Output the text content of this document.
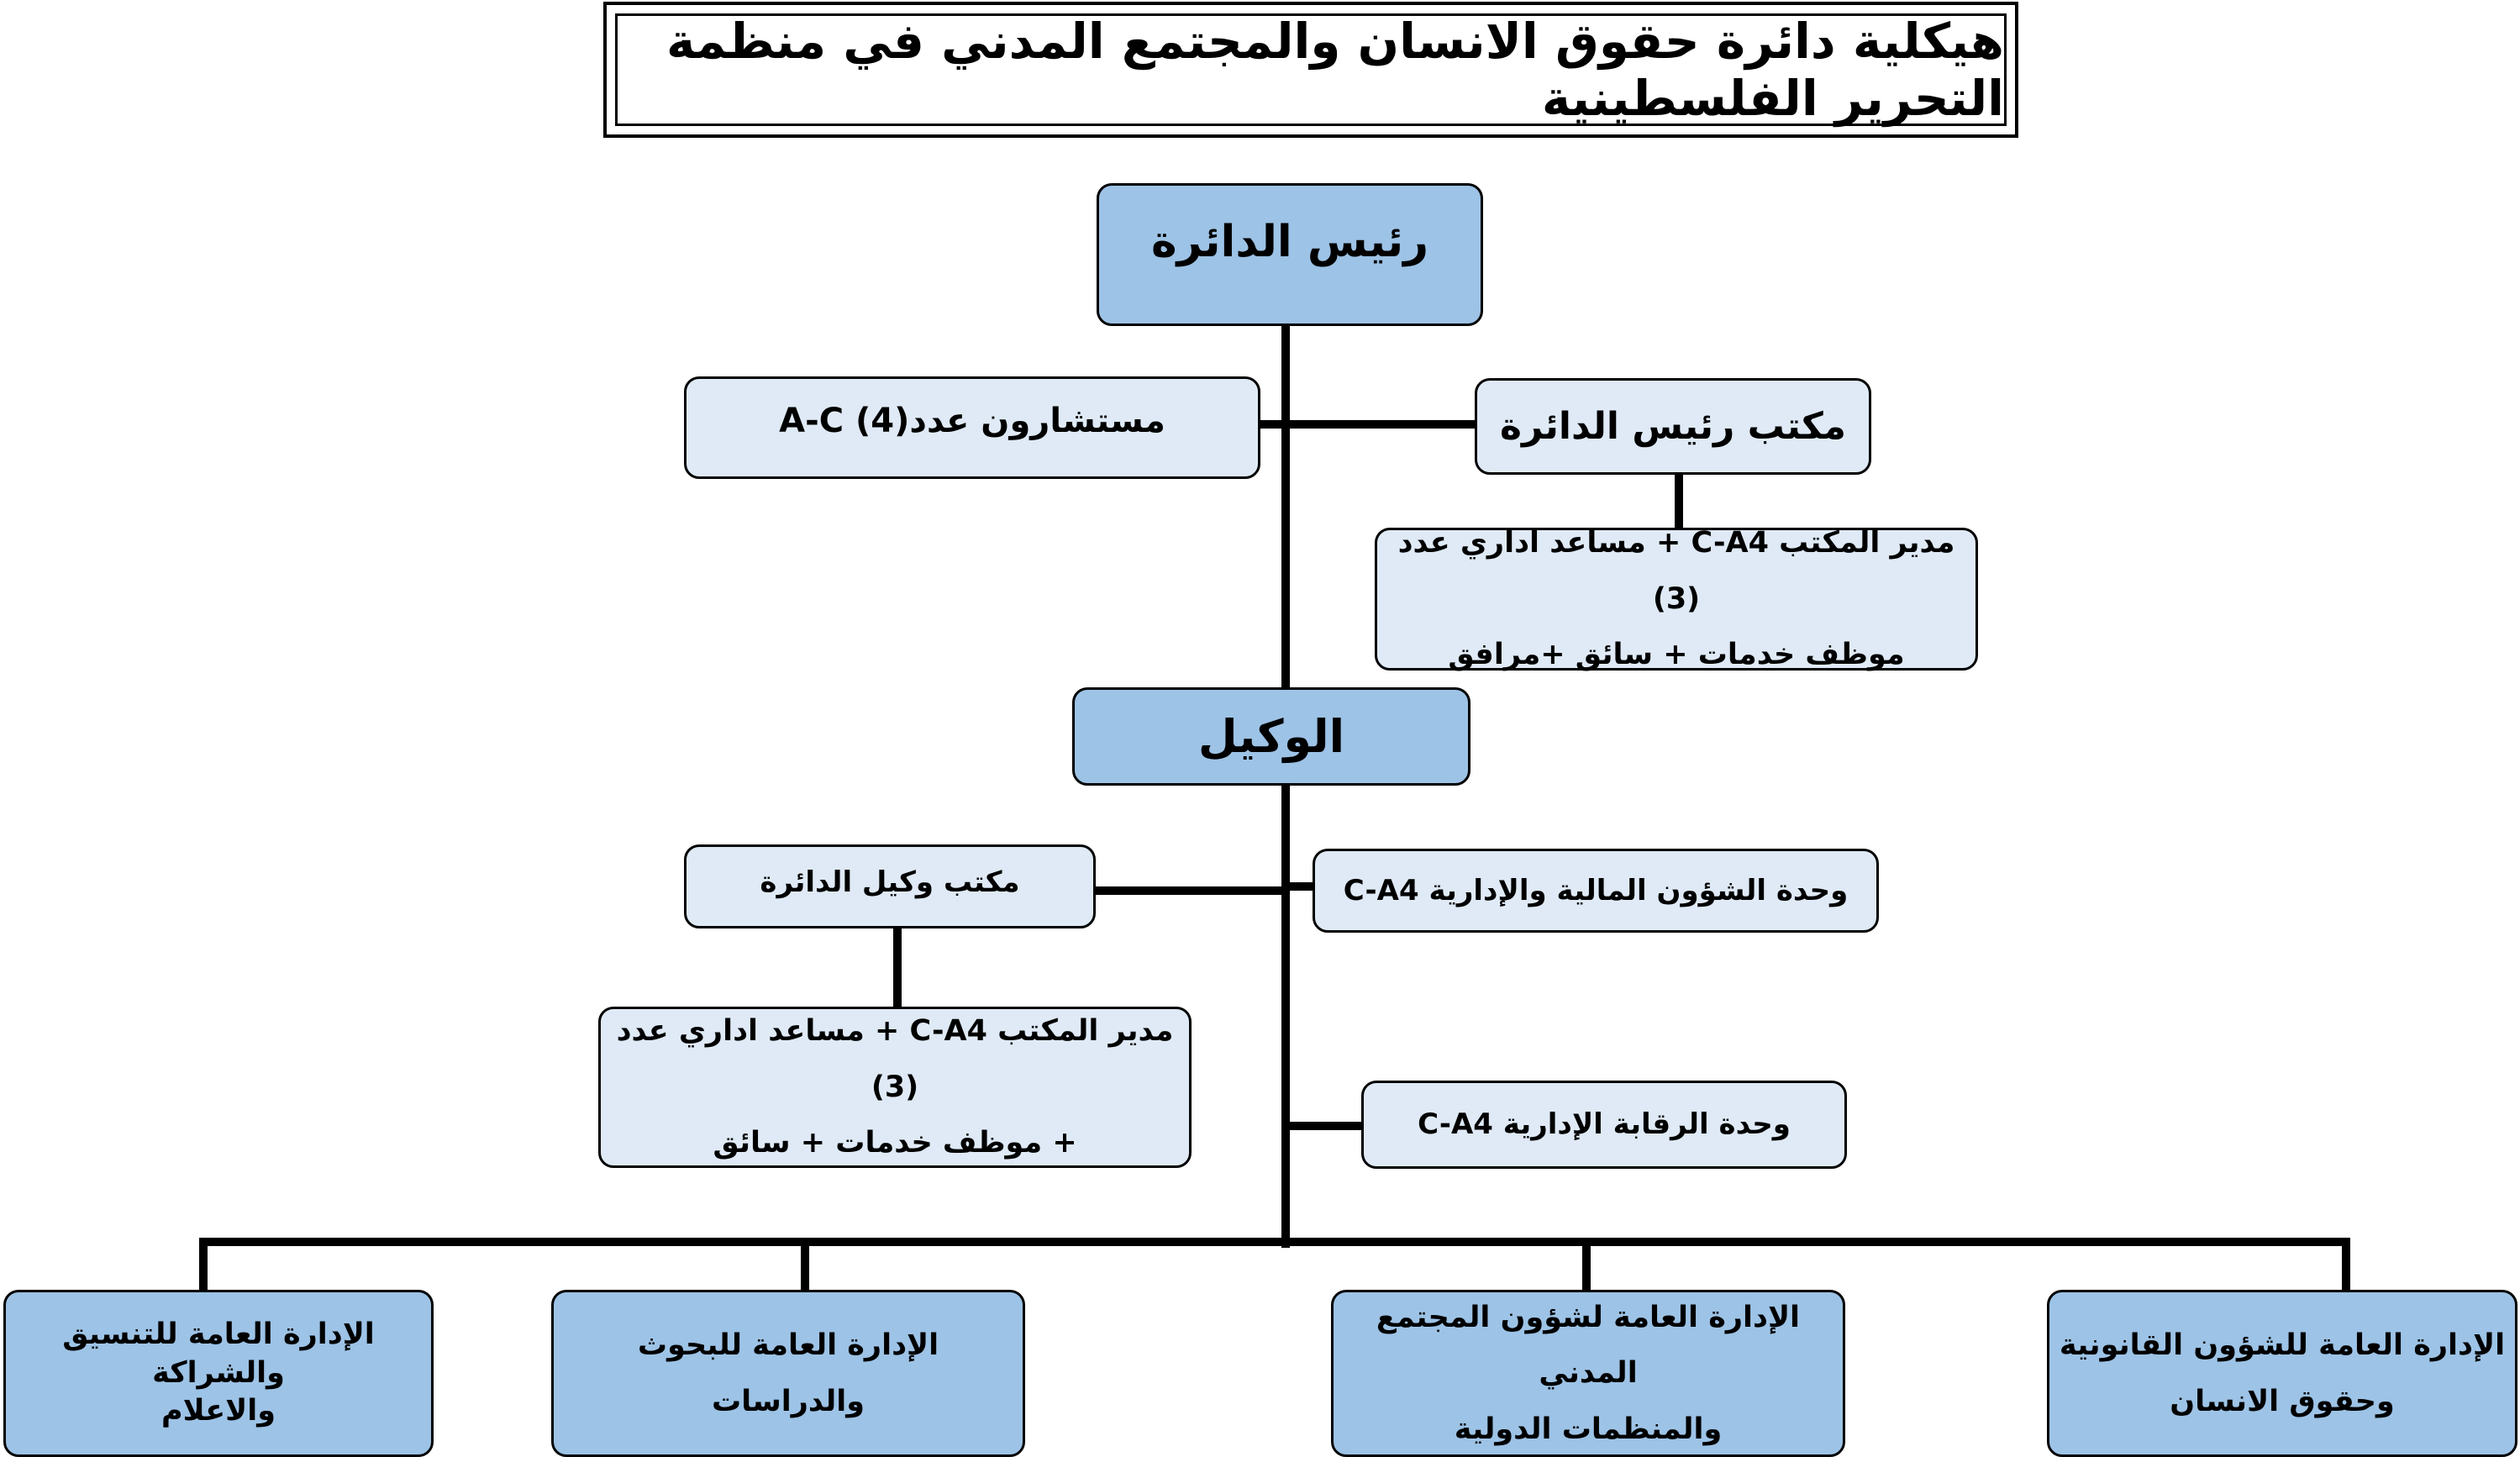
هيكلية دائرة حقوق الانسان والمجتمع المدني في منظمة التحرير الفلسطينية
رئيس الدائرة
مستشارون عدد(4) A-C	مكتب رئيس الدائرة
مدير المكتب C-A4 + مساعد اداري عدد (3)
موظف خدمات + سائق +مرافق
الوكيل
مكتب وكيل الدائرة	وحدة الشؤون المالية والإدارية C-A4
مدير المكتب C-A4 + مساعد اداري عدد (3)
+ موظف خدمات + سائق
وحدة الرقابة الإدارية C-A4
الإدارة العامة للشؤون القانونية
وحقوق الانسان
الإدارة العامة لشؤون المجتمع المدني
والمنظمات الدولية
الإدارة العامة للبحوث
والدراسات
الإدارة العامة للتنسيق والشراكة
والاعلام
